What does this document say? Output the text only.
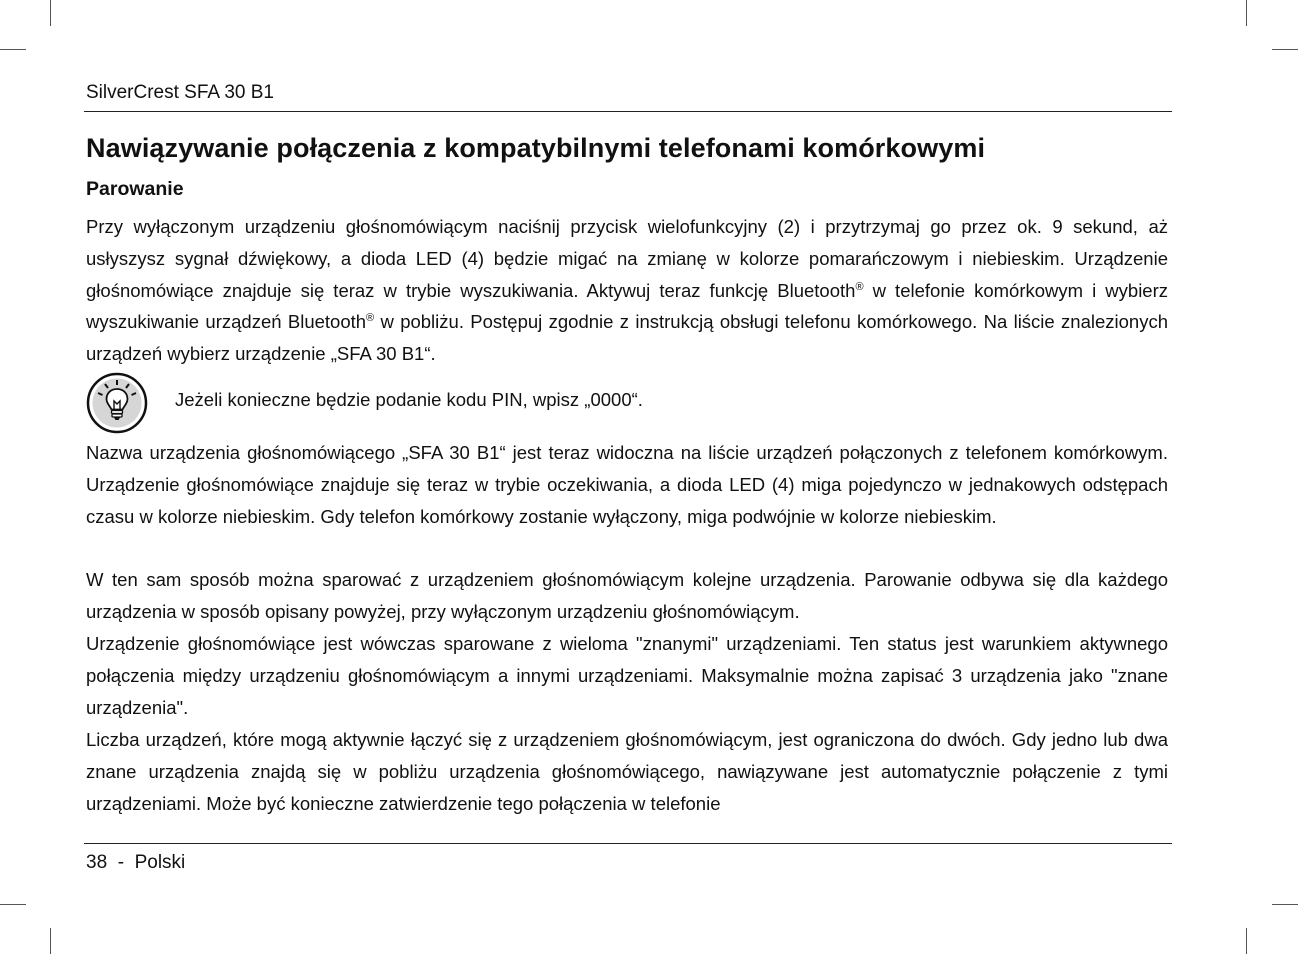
SilverCrest SFA 30 B1
Nawiązywanie połączenia z kompatybilnymi telefonami komórkowymi
Parowanie
Przy wyłączonym urządzeniu głośnomówiącym naciśnij przycisk wielofunkcyjny (2) i przytrzymaj go przez ok. 9 sekund, aż usłyszysz sygnał dźwiękowy, a dioda LED (4) będzie migać na zmianę w kolorze pomarańczowym i niebieskim. Urządzenie głośnomówiące znajduje się teraz w trybie wyszukiwania. Aktywuj teraz funkcję Bluetooth® w telefonie komórkowym i wybierz wyszukiwanie urządzeń Bluetooth® w pobliżu. Postępuj zgodnie z instrukcją obsługi telefonu komórkowego. Na liście znalezionych urządzeń wybierz urządzenie „SFA 30 B1“.
Jeżeli konieczne będzie podanie kodu PIN, wpisz „0000“.
Nazwa urządzenia głośnomówiącego „SFA 30 B1“ jest teraz widoczna na liście urządzeń połączonych z telefonem komórkowym. Urządzenie głośnomówiące znajduje się teraz w trybie oczekiwania, a dioda LED (4) miga pojedynczo w jednakowych odstępach czasu w kolorze niebieskim. Gdy telefon komórkowy zostanie wyłączony, miga podwójnie w kolorze niebieskim.
W ten sam sposób można sparować z urządzeniem głośnomówiącym kolejne urządzenia. Parowanie odbywa się dla każdego urządzenia w sposób opisany powyżej, przy wyłączonym urządzeniu głośnomówiącym.
Urządzenie głośnomówiące jest wówczas sparowane z wieloma "znanymi" urządzeniami. Ten status jest warunkiem aktywnego połączenia między urządzeniu głośnomówiącym a innymi urządzeniami. Maksymalnie można zapisać 3 urządzenia jako "znane urządzenia".
Liczba urządzeń, które mogą aktywnie łączyć się z urządzeniem głośnomówiącym, jest ograniczona do dwóch. Gdy jedno lub dwa znane urządzenia znajdą się w pobliżu urządzenia głośnomówiącego, nawiązywane jest automatycznie połączenie z tymi urządzeniami. Może być konieczne zatwierdzenie tego połączenia w telefonie
38 - Polski
